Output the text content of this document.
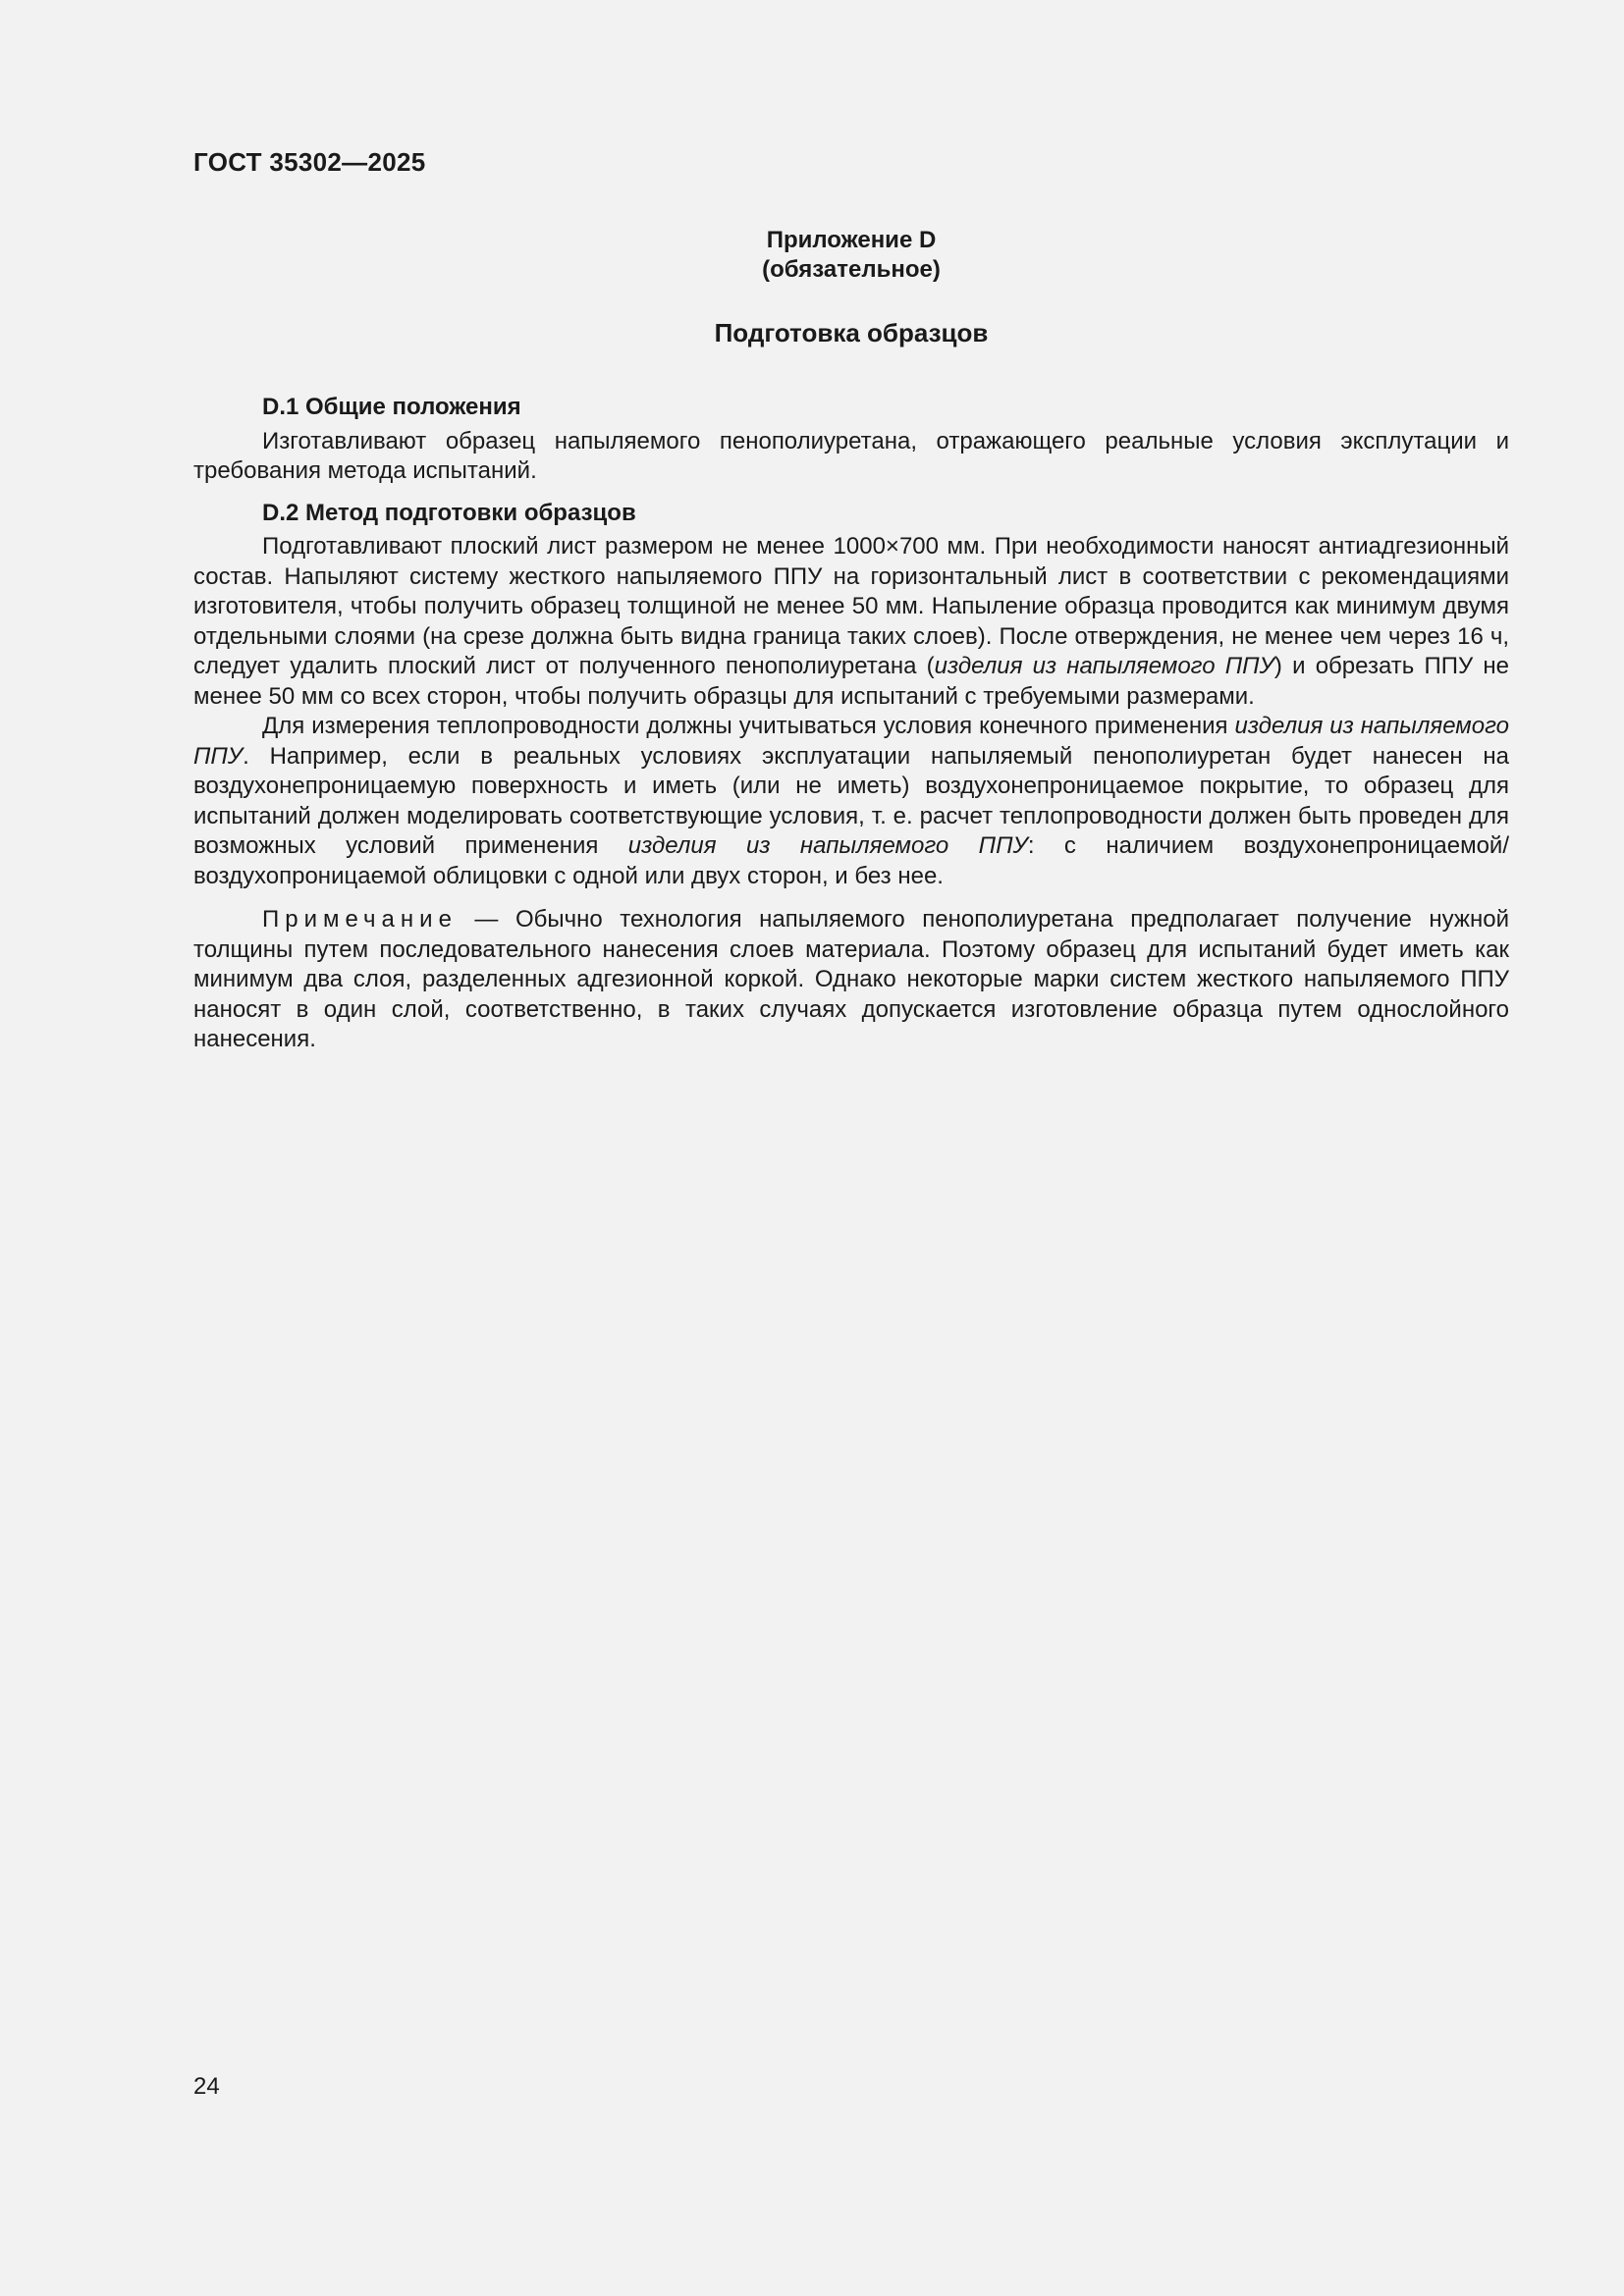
ГОСТ 35302—2025
Приложение D
(обязательное)
Подготовка образцов
D.1 Общие положения

Изготавливают образец напыляемого пенополиуретана, отражающего реальные условия эксплутации и требования метода испытаний.

D.2 Метод подготовки образцов

Подготавливают плоский лист размером не менее 1000×700 мм. При необходимости наносят антиадгезионный состав. Напыляют систему жесткого напыляемого ППУ на горизонтальный лист в соответствии с рекомендациями изготовителя, чтобы получить образец толщиной не менее 50 мм. Напыление образца проводится как минимум двумя отдельными слоями (на срезе должна быть видна граница таких слоев). После отверждения, не менее чем через 16 ч, следует удалить плоский лист от полученного пенополиуретана (изделия из напыляемого ППУ) и обрезать ППУ не менее 50 мм со всех сторон, чтобы получить образцы для испытаний с требуемыми размерами.

Для измерения теплопроводности должны учитываться условия конечного применения изделия из напыляемого ППУ. Например, если в реальных условиях эксплуатации напыляемый пенополиуретан будет нанесен на воздухонепроницаемую поверхность и иметь (или не иметь) воздухонепроницаемое покрытие, то образец для испытаний должен моделировать соответствующие условия, т. е. расчет теплопроводности должен быть проведен для возможных условий применения изделия из напыляемого ППУ: с наличием воздухонепроницаемой/воздухопроницаемой облицовки с одной или двух сторон, и без нее.

Примечание — Обычно технология напыляемого пенополиуретана предполагает получение нужной толщины путем последовательного нанесения слоев материала. Поэтому образец для испытаний будет иметь как минимум два слоя, разделенных адгезионной коркой. Однако некоторые марки систем жесткого напыляемого ППУ наносят в один слой, соответственно, в таких случаях допускается изготовление образца путем однослойного нанесения.

24
